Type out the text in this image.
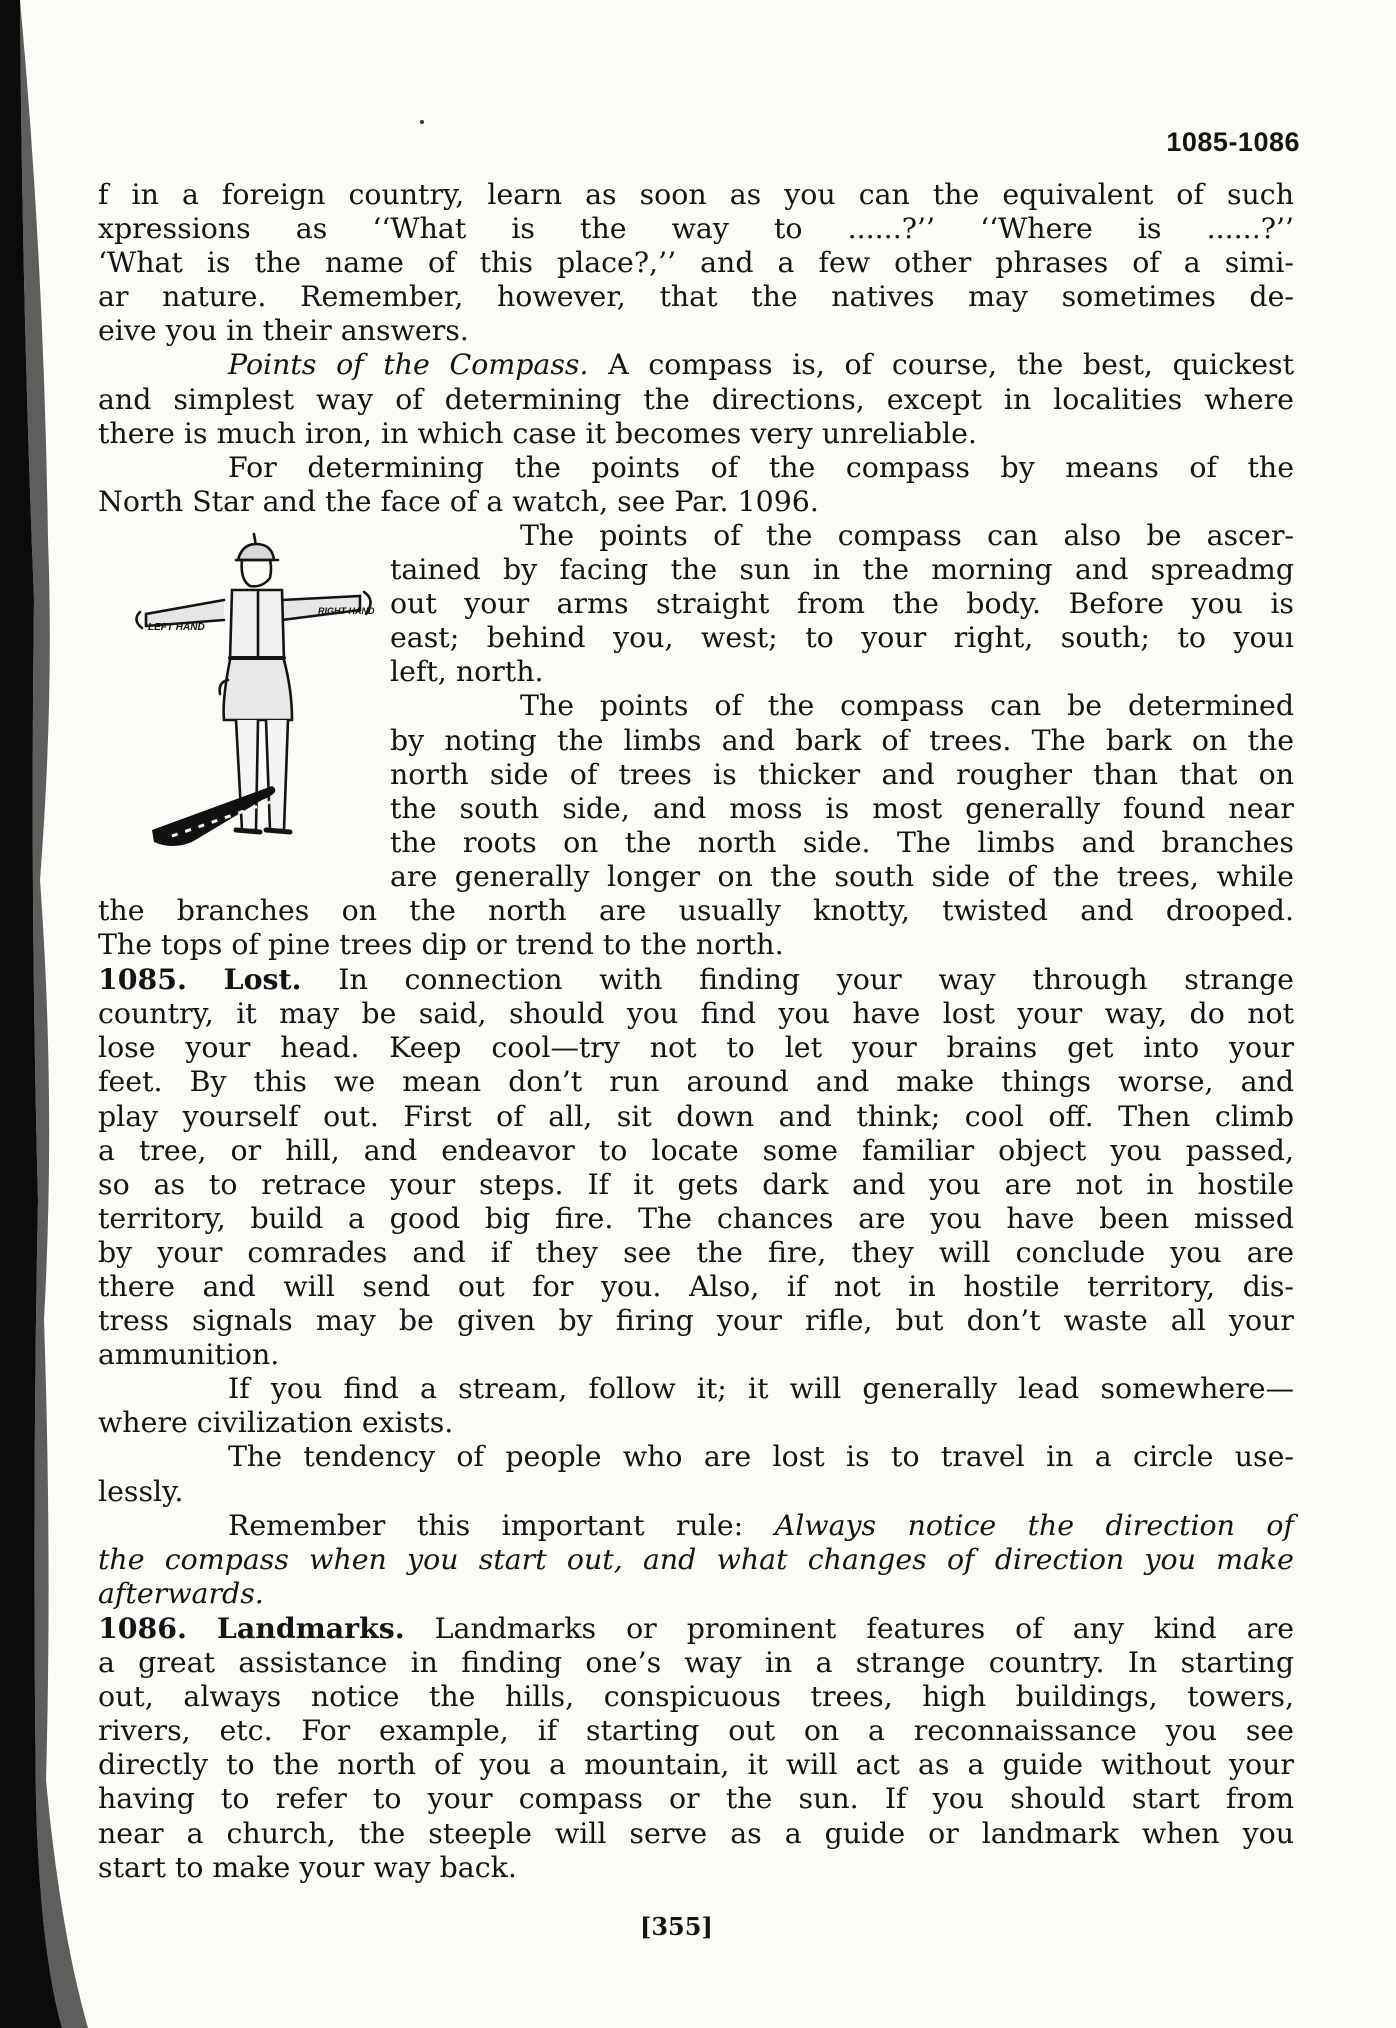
1085-1086

f in a foreign country, learn as soon as you can the equivalent of such

xpressions as ‘‘What is the way to ......?’’ ‘‘Where is ......?’’

‘What is the name of this place?,’’ and a few other phrases of a simi-

ar nature. Remember, however, that the natives may sometimes de-

eive you in their answers.

Points of the Compass. A compass is, of course, the best, quickest

and simplest way of determining the directions, except in localities where

there is much iron, in which case it becomes very unreliable.

For determining the points of the compass by means of the

North Star and the face of a watch, see Par. 1096.

The points of the compass can also be ascer-

tained by facing the sun in the morning and spreadmg

out your arms straight from the body. Before you is

east; behind you, west; to your right, south; to youı

left, north.

The points of the compass can be determined

by noting the limbs and bark of trees. The bark on the

north side of trees is thicker and rougher than that on

the south side, and moss is most generally found near

the roots on the north side. The limbs and branches

are generally longer on the south side of the trees, while

the branches on the north are usually knotty, twisted and drooped.

The tops of pine trees dip or trend to the north.

1085. Lost. In connection with finding your way through strange

country, it may be said, should you find you have lost your way, do not

lose your head. Keep cool—try not to let your brains get into your

feet. By this we mean don’t run around and make things worse, and

play yourself out. First of all, sit down and think; cool off. Then climb

a tree, or hill, and endeavor to locate some familiar object you passed,

so as to retrace your steps. If it gets dark and you are not in hostile

territory, build a good big fire. The chances are you have been missed

by your comrades and if they see the fire, they will conclude you are

there and will send out for you. Also, if not in hostile territory, dis-

tress signals may be given by firing your rifle, but don’t waste all your

ammunition.

If you find a stream, follow it; it will generally lead somewhere—

where civilization exists.

The tendency of people who are lost is to travel in a circle use-

lessly.

Remember this important rule: Always notice the direction of

the compass when you start out, and what changes of direction you make

afterwards.

1086. Landmarks. Landmarks or prominent features of any kind are

a great assistance in finding one’s way in a strange country. In starting

out, always notice the hills, conspicuous trees, high buildings, towers,

rivers, etc. For example, if starting out on a reconnaissance you see

directly to the north of you a mountain, it will act as a guide without your

having to refer to your compass or the sun. If you should start from

near a church, the steeple will serve as a guide or landmark when you

start to make your way back.

LEFT HAND
RIGHT HAND
[355]
